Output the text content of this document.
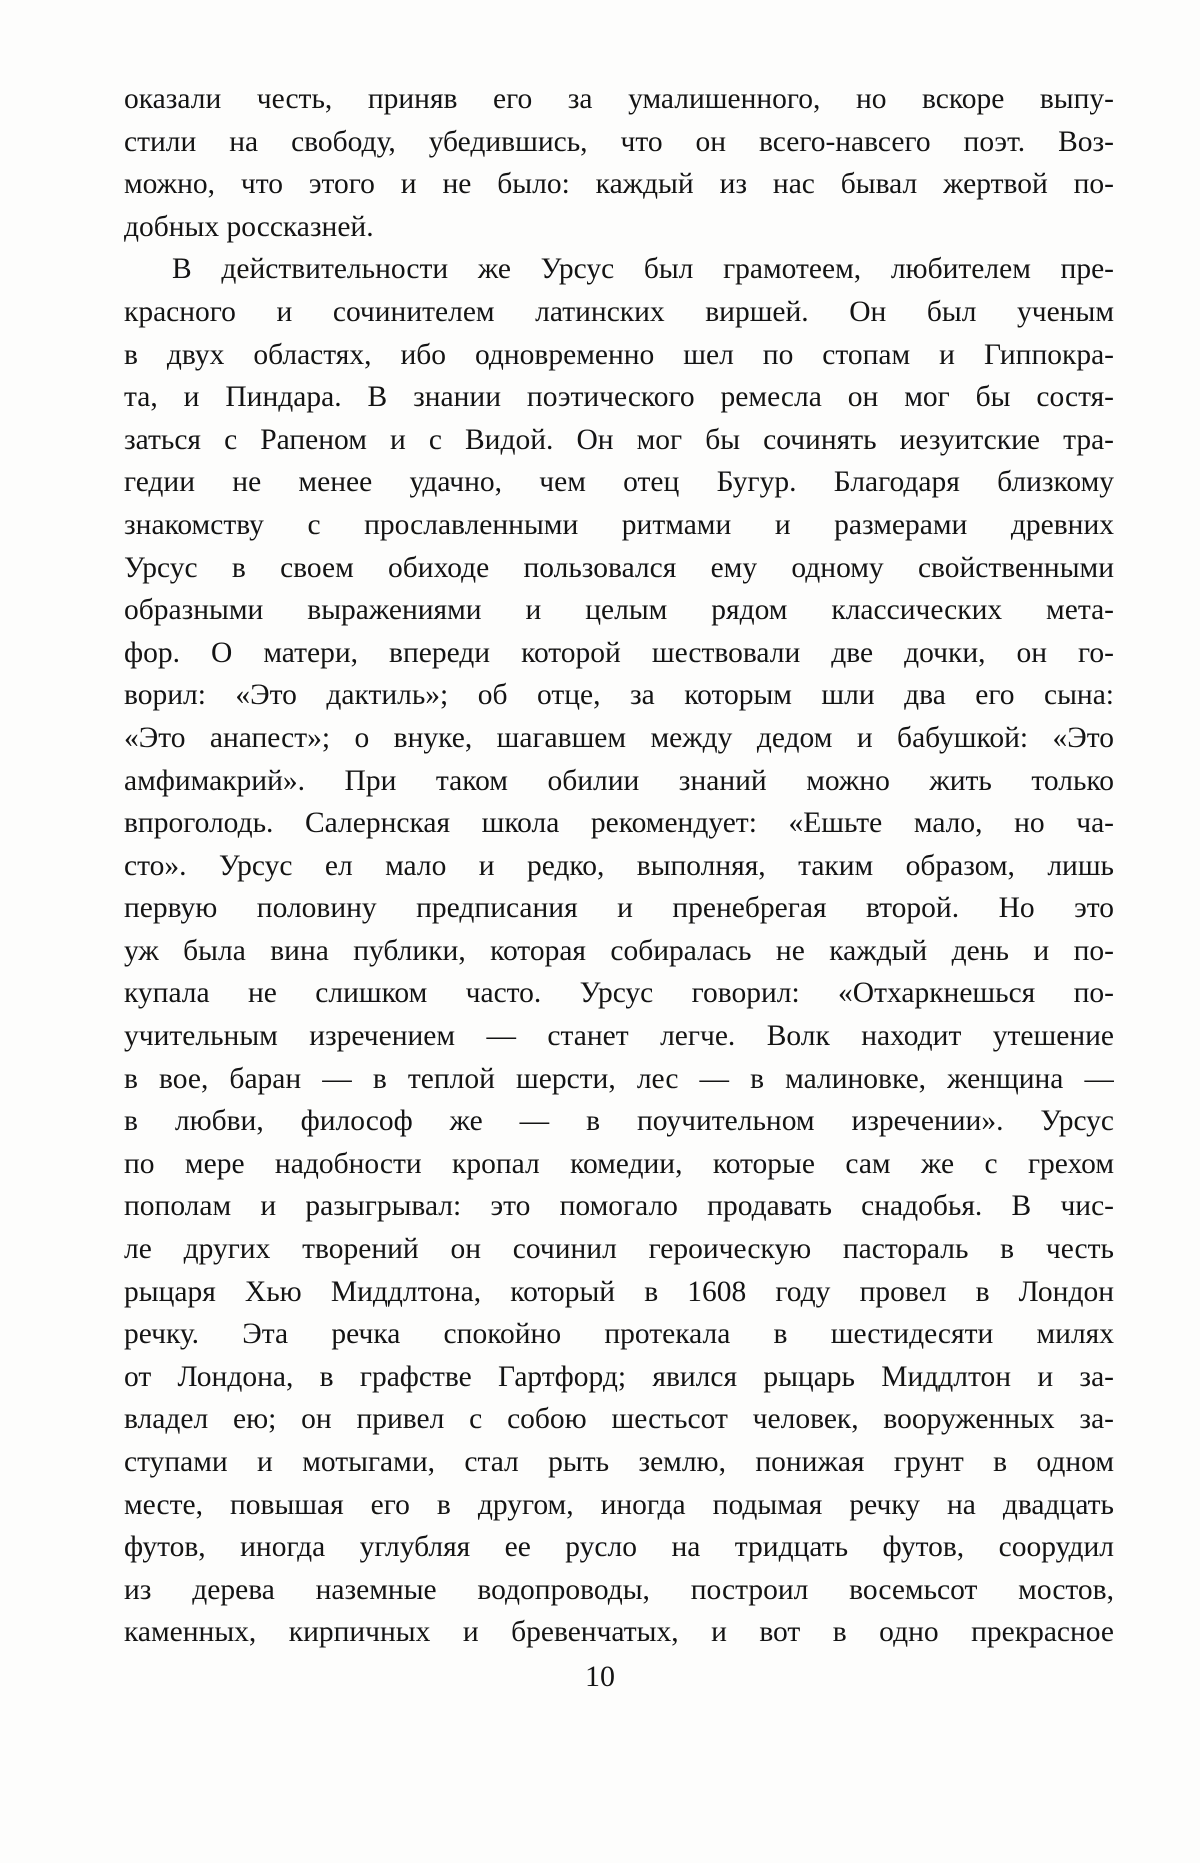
оказали честь, приняв его за умалишенного, но вскоре выпу-
стили на свободу, убедившись, что он всего-навсего поэт. Воз-
можно, что этого и не было: каждый из нас бывал жертвой по-
добных россказней.
В действительности же Урсус был грамотеем, любителем пре-
красного и сочинителем латинских виршей. Он был ученым
в двух областях, ибо одновременно шел по стопам и Гиппокра-
та, и Пиндара. В знании поэтического ремесла он мог бы состя-
заться с Рапеном и с Видой. Он мог бы сочинять иезуитские тра-
гедии не менее удачно, чем отец Бугур. Благодаря близкому
знакомству с прославленными ритмами и размерами древних
Урсус в своем обиходе пользовался ему одному свойственными
образными выражениями и целым рядом классических мета-
фор. О матери, впереди которой шествовали две дочки, он го-
ворил: «Это дактиль»; об отце, за которым шли два его сына:
«Это анапест»; о внуке, шагавшем между дедом и бабушкой: «Это
амфимакрий». При таком обилии знаний можно жить только
впроголодь. Салернская школа рекомендует: «Ешьте мало, но ча-
сто». Урсус ел мало и редко, выполняя, таким образом, лишь
первую половину предписания и пренебрегая второй. Но это
уж была вина публики, которая собиралась не каждый день и по-
купала не слишком часто. Урсус говорил: «Отхаркнешься по-
учительным изречением — станет легче. Волк находит утешение
в вое, баран — в теплой шерсти, лес — в малиновке, женщина —
в любви, философ же — в поучительном изречении». Урсус
по мере надобности кропал комедии, которые сам же с грехом
пополам и разыгрывал: это помогало продавать снадобья. В чис-
ле других творений он сочинил героическую пастораль в честь
рыцаря Хью Миддлтона, который в 1608 году провел в Лондон
речку. Эта речка спокойно протекала в шестидесяти милях
от Лондона, в графстве Гартфорд; явился рыцарь Миддлтон и за-
владел ею; он привел с собою шестьсот человек, вооруженных за-
ступами и мотыгами, стал рыть землю, понижая грунт в одном
месте, повышая его в другом, иногда подымая речку на двадцать
футов, иногда углубляя ее русло на тридцать футов, соорудил
из дерева наземные водопроводы, построил восемьсот мостов,
каменных, кирпичных и бревенчатых, и вот в одно прекрасное
10
